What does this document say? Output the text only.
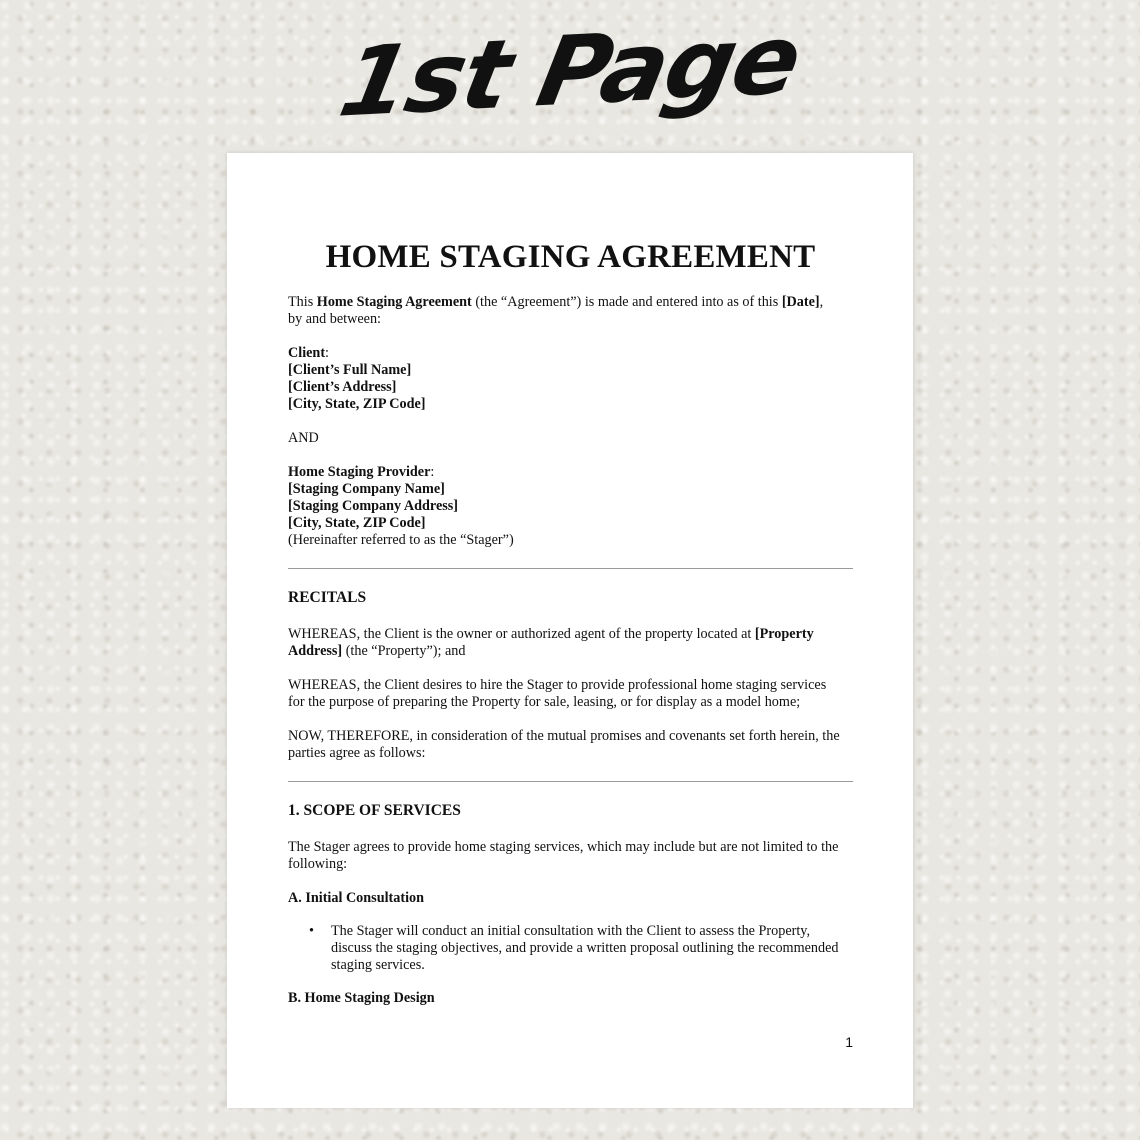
1st Page
HOME STAGING AGREEMENT

This Home Staging Agreement (the “Agreement”) is made and entered into as of this [Date],
by and between:

Client:
[Client’s Full Name]
[Client’s Address]
[City, State, ZIP Code]

AND

Home Staging Provider:
[Staging Company Name]
[Staging Company Address]
[City, State, ZIP Code]
(Hereinafter referred to as the “Stager”)

RECITALS

WHEREAS, the Client is the owner or authorized agent of the property located at [Property
Address] (the “Property”); and

WHEREAS, the Client desires to hire the Stager to provide professional home staging services
for the purpose of preparing the Property for sale, leasing, or for display as a model home;

NOW, THEREFORE, in consideration of the mutual promises and covenants set forth herein, the
parties agree as follows:

1. SCOPE OF SERVICES

The Stager agrees to provide home staging services, which may include but are not limited to the
following:

A. Initial Consultation
• The Stager will conduct an initial consultation with the Client to assess the Property,
discuss the staging objectives, and provide a written proposal outlining the recommended
staging services.
B. Home Staging Design
1
